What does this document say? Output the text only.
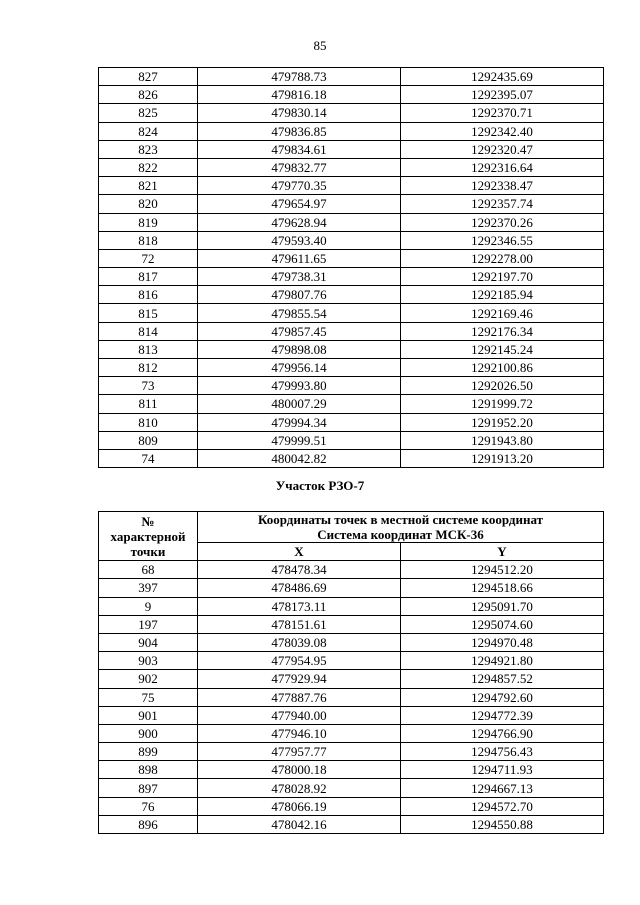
85
827	479788.73	1292435.69
826	479816.18	1292395.07
825	479830.14	1292370.71
824	479836.85	1292342.40
823	479834.61	1292320.47
822	479832.77	1292316.64
821	479770.35	1292338.47
820	479654.97	1292357.74
819	479628.94	1292370.26
818	479593.40	1292346.55
72	479611.65	1292278.00
817	479738.31	1292197.70
816	479807.76	1292185.94
815	479855.54	1292169.46
814	479857.45	1292176.34
813	479898.08	1292145.24
812	479956.14	1292100.86
73	479993.80	1292026.50
811	480007.29	1291999.72
810	479994.34	1291952.20
809	479999.51	1291943.80
74	480042.82	1291913.20
Участок РЗО-7
№
характерной
точки	Координаты точек в местной системе координат
Система координат МСК-36	

	X	Y
68	478478.34	1294512.20
397	478486.69	1294518.66
9	478173.11	1295091.70
197	478151.61	1295074.60
904	478039.08	1294970.48
903	477954.95	1294921.80
902	477929.94	1294857.52
75	477887.76	1294792.60
901	477940.00	1294772.39
900	477946.10	1294766.90
899	477957.77	1294756.43
898	478000.18	1294711.93
897	478028.92	1294667.13
76	478066.19	1294572.70
896	478042.16	1294550.88
